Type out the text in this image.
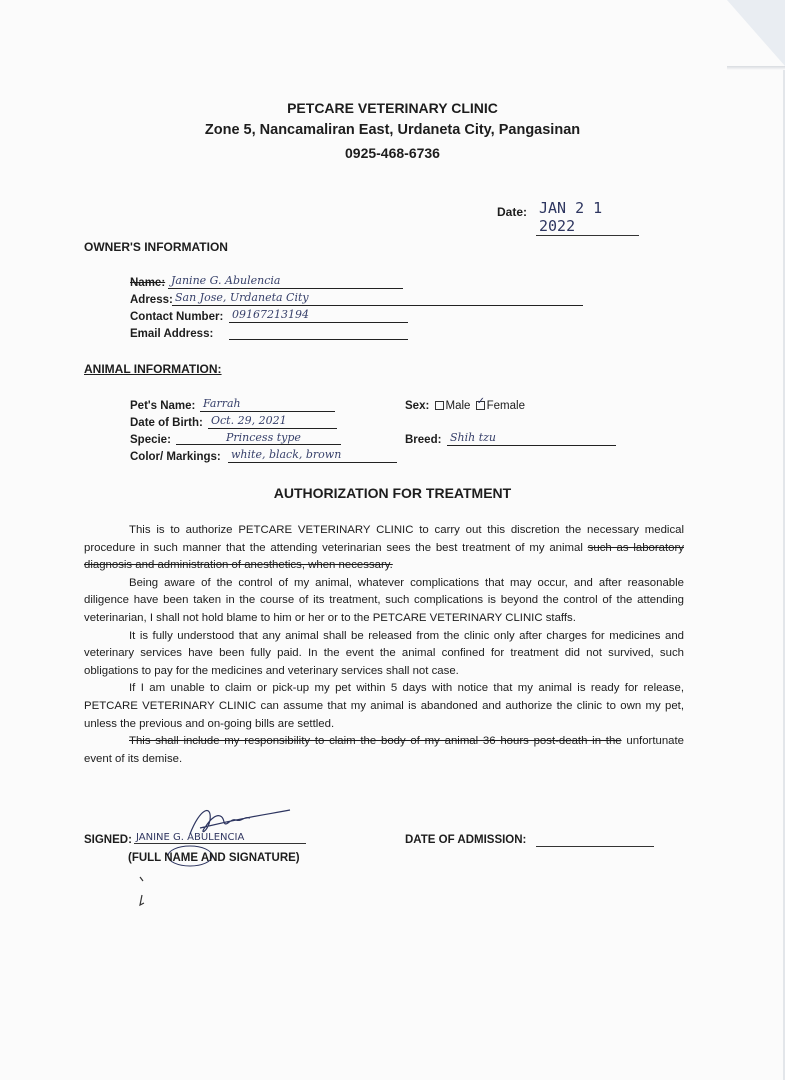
PETCARE VETERINARY CLINIC
Zone 5, Nancamaliran East, Urdaneta City, Pangasinan
0925-468-6736
Date: JAN 2 1 2022
OWNER'S INFORMATION
Name: Janine G. Abulencia
Adress: San Jose, Urdaneta City
Contact Number: 09167213194
Email Address:
ANIMAL INFORMATION:
Pet's Name: Farrah
Date of Birth: Oct. 29, 2021
Specie:	Princess type
Color/ Markings: white, black, brown
Sex: Male ✓ Female
Breed: Shih tzu
AUTHORIZATION FOR TREATMENT

This is to authorize PETCARE VETERINARY CLINIC to carry out this discretion the necessary medical procedure in such manner that the attending veterinarian sees the best treatment of my animal such as laboratory diagnosis and administration of anesthetics, when necessary.

Being aware of the control of my animal, whatever complications that may occur, and after reasonable diligence have been taken in the course of its treatment, such complications is beyond the control of the attending veterinarian, I shall not hold blame to him or her or to the PETCARE VETERINARY CLINIC staffs.

It is fully understood that any animal shall be released from the clinic only after charges for medicines and veterinary services have been fully paid. In the event the animal confined for treatment did not survived, such obligations to pay for the medicines and veterinary services shall not case.

If I am unable to claim or pick-up my pet within 5 days with notice that my animal is ready for release, PETCARE VETERINARY CLINIC can assume that my animal is abandoned and authorize the clinic to own my pet, unless the previous and on-going bills are settled.

This shall include my responsibility to claim the body of my animal 36 hours post-death in the unfortunate event of its demise.

SIGNED: JANINE G. ABULENCIA
(FULL NAME AND SIGNATURE)
DATE OF ADMISSION:
